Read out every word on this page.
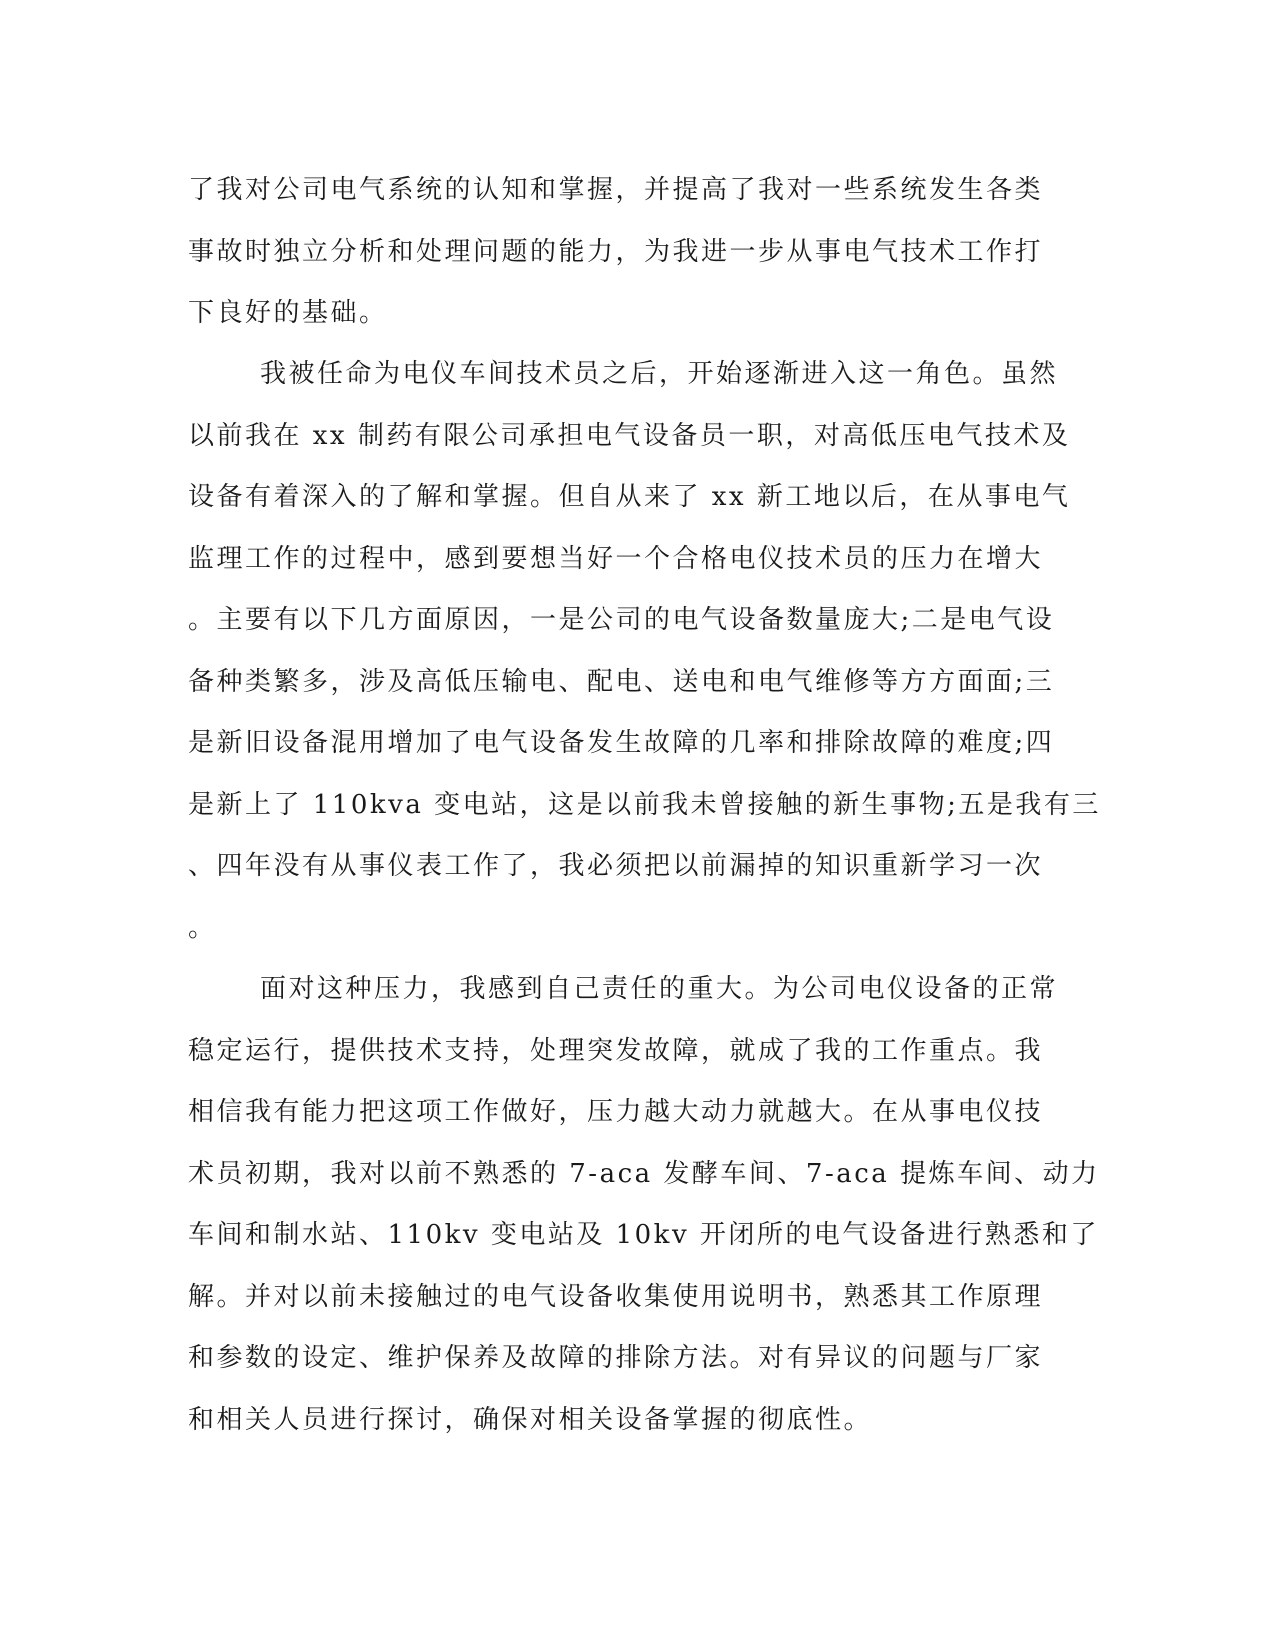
了我对公司电气系统的认知和掌握，并提高了我对一些系统发生各类
事故时独立分析和处理问题的能力，为我进一步从事电气技术工作打
下良好的基础。
我被任命为电仪车间技术员之后，开始逐渐进入这一角色。虽然
以前我在 xx 制药有限公司承担电气设备员一职，对高低压电气技术及
设备有着深入的了解和掌握。但自从来了 xx 新工地以后，在从事电气
监理工作的过程中，感到要想当好一个合格电仪技术员的压力在增大
。主要有以下几方面原因，一是公司的电气设备数量庞大;二是电气设
备种类繁多，涉及高低压输电、配电、送电和电气维修等方方面面;三
是新旧设备混用增加了电气设备发生故障的几率和排除故障的难度;四
是新上了 110kva 变电站，这是以前我未曾接触的新生事物;五是我有三
、四年没有从事仪表工作了，我必须把以前漏掉的知识重新学习一次
。
面对这种压力，我感到自己责任的重大。为公司电仪设备的正常
稳定运行，提供技术支持，处理突发故障，就成了我的工作重点。我
相信我有能力把这项工作做好，压力越大动力就越大。在从事电仪技
术员初期，我对以前不熟悉的 7-aca 发酵车间、7-aca 提炼车间、动力
车间和制水站、110kv 变电站及 10kv 开闭所的电气设备进行熟悉和了
解。并对以前未接触过的电气设备收集使用说明书，熟悉其工作原理
和参数的设定、维护保养及故障的排除方法。对有异议的问题与厂家
和相关人员进行探讨，确保对相关设备掌握的彻底性。
